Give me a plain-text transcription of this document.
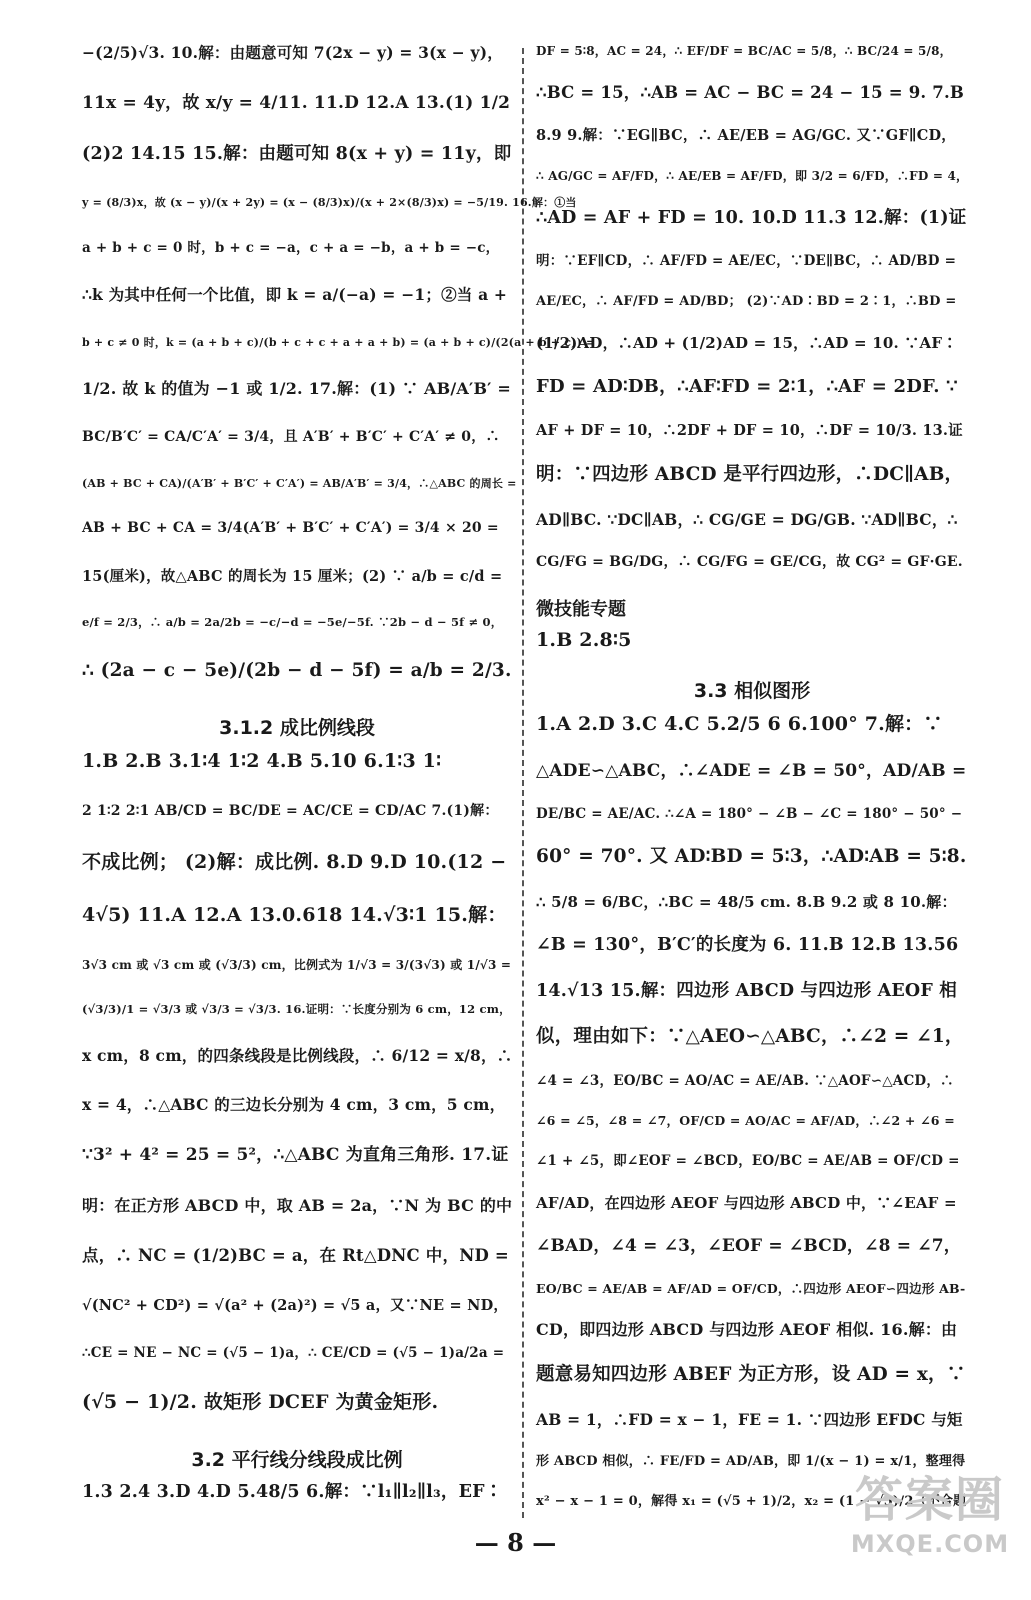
−(2/5)√3. 10.解：由题意可知 7(2x − y) = 3(x − y)，
11x = 4y，故 x/y = 4/11. 11.D 12.A 13.(1) 1/2
(2)2 14.15 15.解：由题可知 8(x + y) = 11y，即
y = (8/3)x，故 (x − y)/(x + 2y) = (x − (8/3)x)/(x + 2×(8/3)x) = −5/19. 16.解：①当
a + b + c = 0 时，b + c = −a，c + a = −b，a + b = −c，
∴k 为其中任何一个比值，即 k = a/(−a) = −1；②当 a +
b + c ≠ 0 时，k = (a + b + c)/(b + c + c + a + a + b) = (a + b + c)/(2(a + b + c)) =
1/2. 故 k 的值为 −1 或 1/2. 17.解：(1) ∵ AB/A′B′ =
BC/B′C′ = CA/C′A′ = 3/4，且 A′B′ + B′C′ + C′A′ ≠ 0，∴
(AB + BC + CA)/(A′B′ + B′C′ + C′A′) = AB/A′B′ = 3/4，∴△ABC 的周长 =
AB + BC + CA = 3/4(A′B′ + B′C′ + C′A′) = 3/4 × 20 =
15(厘米)，故△ABC 的周长为 15 厘米；(2) ∵ a/b = c/d =
e/f = 2/3，∴ a/b = 2a/2b = −c/−d = −5e/−5f. ∵2b − d − 5f ≠ 0，
∴ (2a − c − 5e)/(2b − d − 5f) = a/b = 2/3.
3.1.2 成比例线段
1.B 2.B 3.1∶4 1∶2 4.B 5.10 6.1∶3 1∶
2 1∶2 2∶1 AB/CD = BC/DE = AC/CE = CD/AC 7.(1)解：
不成比例； (2)解：成比例. 8.D 9.D 10.(12 −
4√5) 11.A 12.A 13.0.618 14.√3∶1 15.解：
3√3 cm 或 √3 cm 或 (√3/3) cm，比例式为 1/√3 = 3/(3√3) 或 1/√3 =
(√3/3)/1 = √3/3 或 √3/3 = √3/3. 16.证明：∵长度分别为 6 cm，12 cm，
x cm，8 cm，的四条线段是比例线段，∴ 6/12 = x/8，∴
x = 4，∴△ABC 的三边长分别为 4 cm，3 cm，5 cm，
∵3² + 4² = 25 = 5²，∴△ABC 为直角三角形. 17.证
明：在正方形 ABCD 中，取 AB = 2a，∵N 为 BC 的中
点，∴ NC = (1/2)BC = a，在 Rt△DNC 中，ND =
√(NC² + CD²) = √(a² + (2a)²) = √5 a，又∵NE = ND，
∴CE = NE − NC = (√5 − 1)a，∴ CE/CD = (√5 − 1)a/2a =
(√5 − 1)/2. 故矩形 DCEF 为黄金矩形.
3.2 平行线分线段成比例
1.3 2.4 3.D 4.D 5.48/5 6.解：∵l₁∥l₂∥l₃，EF∶
DF = 5∶8，AC = 24，∴ EF/DF = BC/AC = 5/8，∴ BC/24 = 5/8，
∴BC = 15，∴AB = AC − BC = 24 − 15 = 9. 7.B
8.9 9.解：∵EG∥BC，∴ AE/EB = AG/GC. 又∵GF∥CD，
∴ AG/GC = AF/FD，∴ AE/EB = AF/FD，即 3/2 = 6/FD，∴FD = 4，
∴AD = AF + FD = 10. 10.D 11.3 12.解：(1)证
明：∵EF∥CD，∴ AF/FD = AE/EC，∵DE∥BC，∴ AD/BD =
AE/EC，∴ AF/FD = AD/BD； (2)∵AD∶BD = 2∶1，∴BD =
(1/2)AD，∴AD + (1/2)AD = 15，∴AD = 10. ∵AF∶
FD = AD∶DB，∴AF∶FD = 2∶1，∴AF = 2DF. ∵
AF + DF = 10，∴2DF + DF = 10，∴DF = 10/3. 13.证
明：∵四边形 ABCD 是平行四边形，∴DC∥AB，
AD∥BC. ∵DC∥AB，∴ CG/GE = DG/GB. ∵AD∥BC，∴
CG/FG = BG/DG，∴ CG/FG = GE/CG，故 CG² = GF·GE.
微技能专题
1.B 2.8∶5
3.3 相似图形
1.A 2.D 3.C 4.C 5.2/5 6 6.100° 7.解：∵
△ADE∽△ABC，∴∠ADE = ∠B = 50°，AD/AB =
DE/BC = AE/AC. ∴∠A = 180° − ∠B − ∠C = 180° − 50° −
60° = 70°. 又 AD∶BD = 5∶3，∴AD∶AB = 5∶8.
∴ 5/8 = 6/BC，∴BC = 48/5 cm. 8.B 9.2 或 8 10.解：
∠B = 130°，B′C′的长度为 6. 11.B 12.B 13.56
14.√13 15.解：四边形 ABCD 与四边形 AEOF 相
似，理由如下：∵△AEO∽△ABC，∴∠2 = ∠1，
∠4 = ∠3，EO/BC = AO/AC = AE/AB. ∵△AOF∽△ACD，∴
∠6 = ∠5，∠8 = ∠7，OF/CD = AO/AC = AF/AD，∴∠2 + ∠6 =
∠1 + ∠5，即∠EOF = ∠BCD，EO/BC = AE/AB = OF/CD =
AF/AD，在四边形 AEOF 与四边形 ABCD 中，∵∠EAF =
∠BAD，∠4 = ∠3，∠EOF = ∠BCD，∠8 = ∠7，
EO/BC = AE/AB = AF/AD = OF/CD，∴四边形 AEOF∽四边形 AB-
CD，即四边形 ABCD 与四边形 AEOF 相似. 16.解：由
题意易知四边形 ABEF 为正方形，设 AD = x，∵
AB = 1，∴FD = x − 1，FE = 1. ∵四边形 EFDC 与矩
形 ABCD 相似，∴ FE/FD = AD/AB，即 1/(x − 1) = x/1，整理得
x² − x − 1 = 0，解得 x₁ = (√5 + 1)/2，x₂ = (1 − √5)/2（不合题
— 8 —
答案圈
MXQE.COM
